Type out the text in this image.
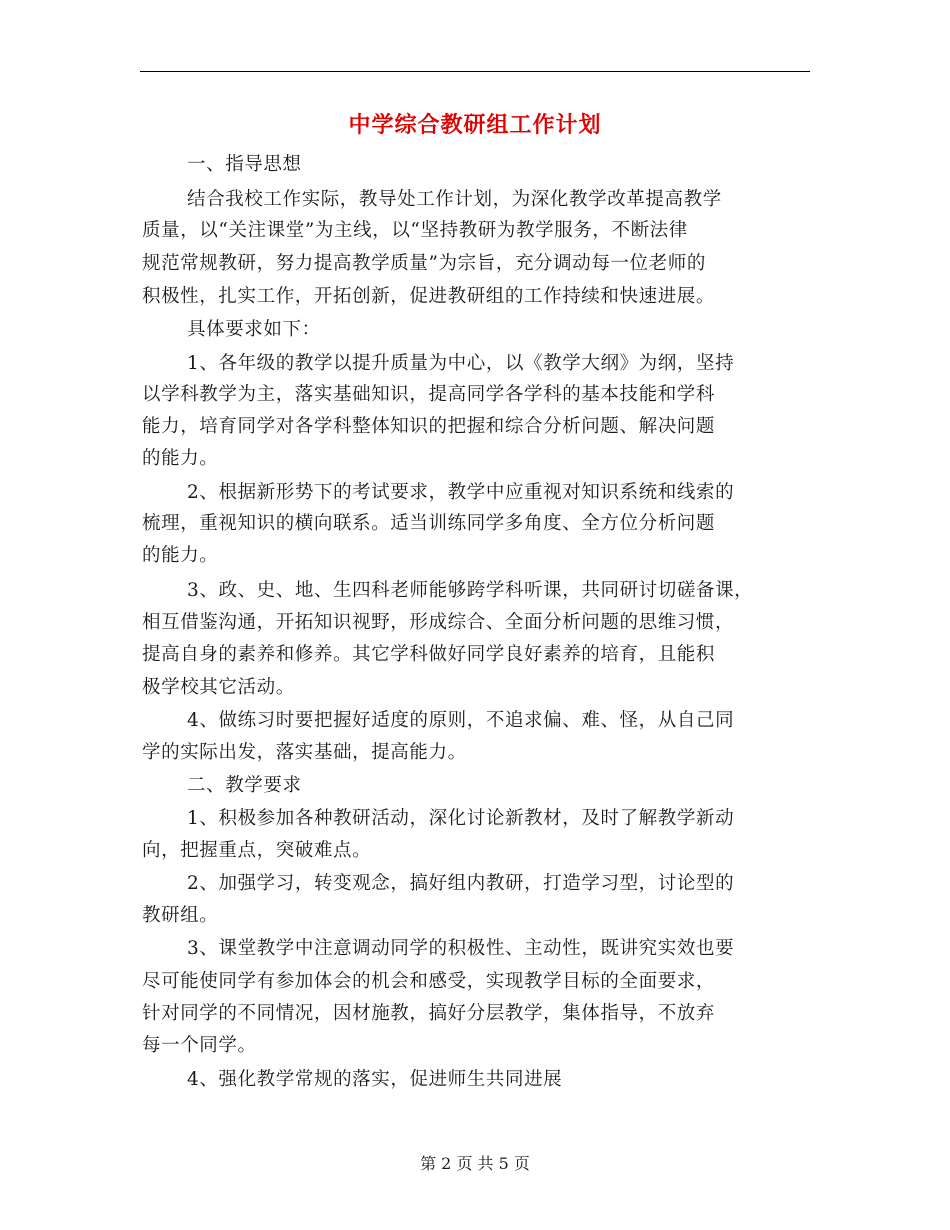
中学综合教研组工作计划
一、指导思想
结合我校工作实际，教导处工作计划，为深化教学改革提高教学
质量，以“关注课堂”为主线，以“坚持教研为教学服务，不断法律
规范常规教研，努力提高教学质量”为宗旨，充分调动每一位老师的
积极性，扎实工作，开拓创新，促进教研组的工作持续和快速进展。
具体要求如下：
1、各年级的教学以提升质量为中心，以《教学大纲》为纲，坚持
以学科教学为主，落实基础知识，提高同学各学科的基本技能和学科
能力，培育同学对各学科整体知识的把握和综合分析问题、解决问题
的能力。
2、根据新形势下的考试要求，教学中应重视对知识系统和线索的
梳理，重视知识的横向联系。适当训练同学多角度、全方位分析问题
的能力。
3、政、史、地、生四科老师能够跨学科听课，共同研讨切磋备课，
相互借鉴沟通，开拓知识视野，形成综合、全面分析问题的思维习惯，
提高自身的素养和修养。其它学科做好同学良好素养的培育，且能积
极学校其它活动。
4、做练习时要把握好适度的原则，不追求偏、难、怪，从自己同
学的实际出发，落实基础，提高能力。
二、教学要求
1、积极参加各种教研活动，深化讨论新教材，及时了解教学新动
向，把握重点，突破难点。
2、加强学习，转变观念，搞好组内教研，打造学习型，讨论型的
教研组。
3、课堂教学中注意调动同学的积极性、主动性，既讲究实效也要
尽可能使同学有参加体会的机会和感受，实现教学目标的全面要求，
针对同学的不同情况，因材施教，搞好分层教学，集体指导，不放弃
每一个同学。
4、强化教学常规的落实，促进师生共同进展
第 2 页 共 5 页
